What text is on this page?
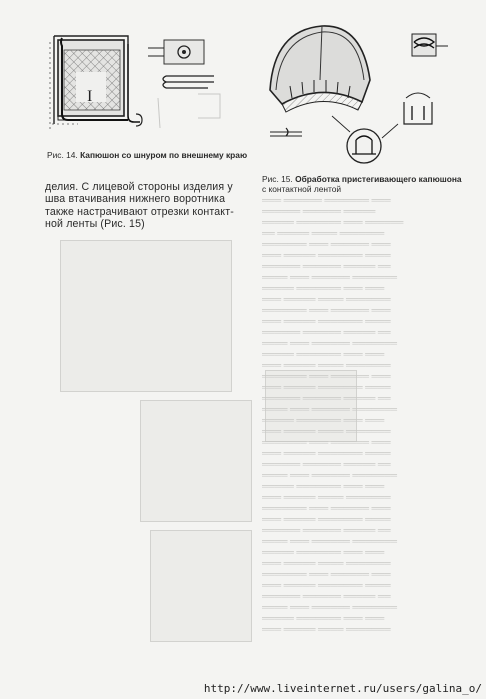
═══ ══════ ═══════ ═══
══════ ══════ ═════
═════ ═══════ ═══ ══════
══ ═════ ════ ═══════
═══════ ═══ ══════ ═══
═══ ═════ ═══════ ════
══════ ══════ ═════ ══
════ ═══ ══════ ═══════
═════ ═══════ ═══ ═══
═══ ═════ ════ ═══════
═══════ ═══ ══════ ═══
═══ ═════ ═══════ ════
══════ ══════ ═════ ══
════ ═══ ══════ ═══════
═════ ═══════ ═══ ═══
═══ ═════ ════ ═══════
═══════ ═══ ══════ ═══
═══ ═════ ═══════ ════
══════ ══════ ═════ ══
════ ═══ ══════ ═══════
═════ ═══════ ═══ ═══
═══ ═════ ════ ═══════
═══════ ═══ ══════ ═══
═══ ═════ ═══════ ════
══════ ══════ ═════ ══
════ ═══ ══════ ═══════
═════ ═══════ ═══ ═══
═══ ═════ ════ ═══════
═══════ ═══ ══════ ═══
═══ ═════ ═══════ ════
══════ ══════ ═════ ══
════ ═══ ══════ ═══════
═════ ═══════ ═══ ═══
═══ ═════ ════ ═══════
═══════ ═══ ══════ ═══
═══ ═════ ═══════ ════
══════ ══════ ═════ ══
════ ═══ ══════ ═══════
═════ ═══════ ═══ ═══
═══ ═════ ════ ═══════
I
Рис. 14. Капюшон со шнуром по внешнему краю
Рис. 15. Обработка пристегивающего капюшона
с контактной лентой
делия. С лицевой стороны изделия у
шва втачивания нижнего воротника
также настрачивают отрезки контакт-
ной ленты (Рис. 15)
http://www.liveinternet.ru/users/galina_o/
